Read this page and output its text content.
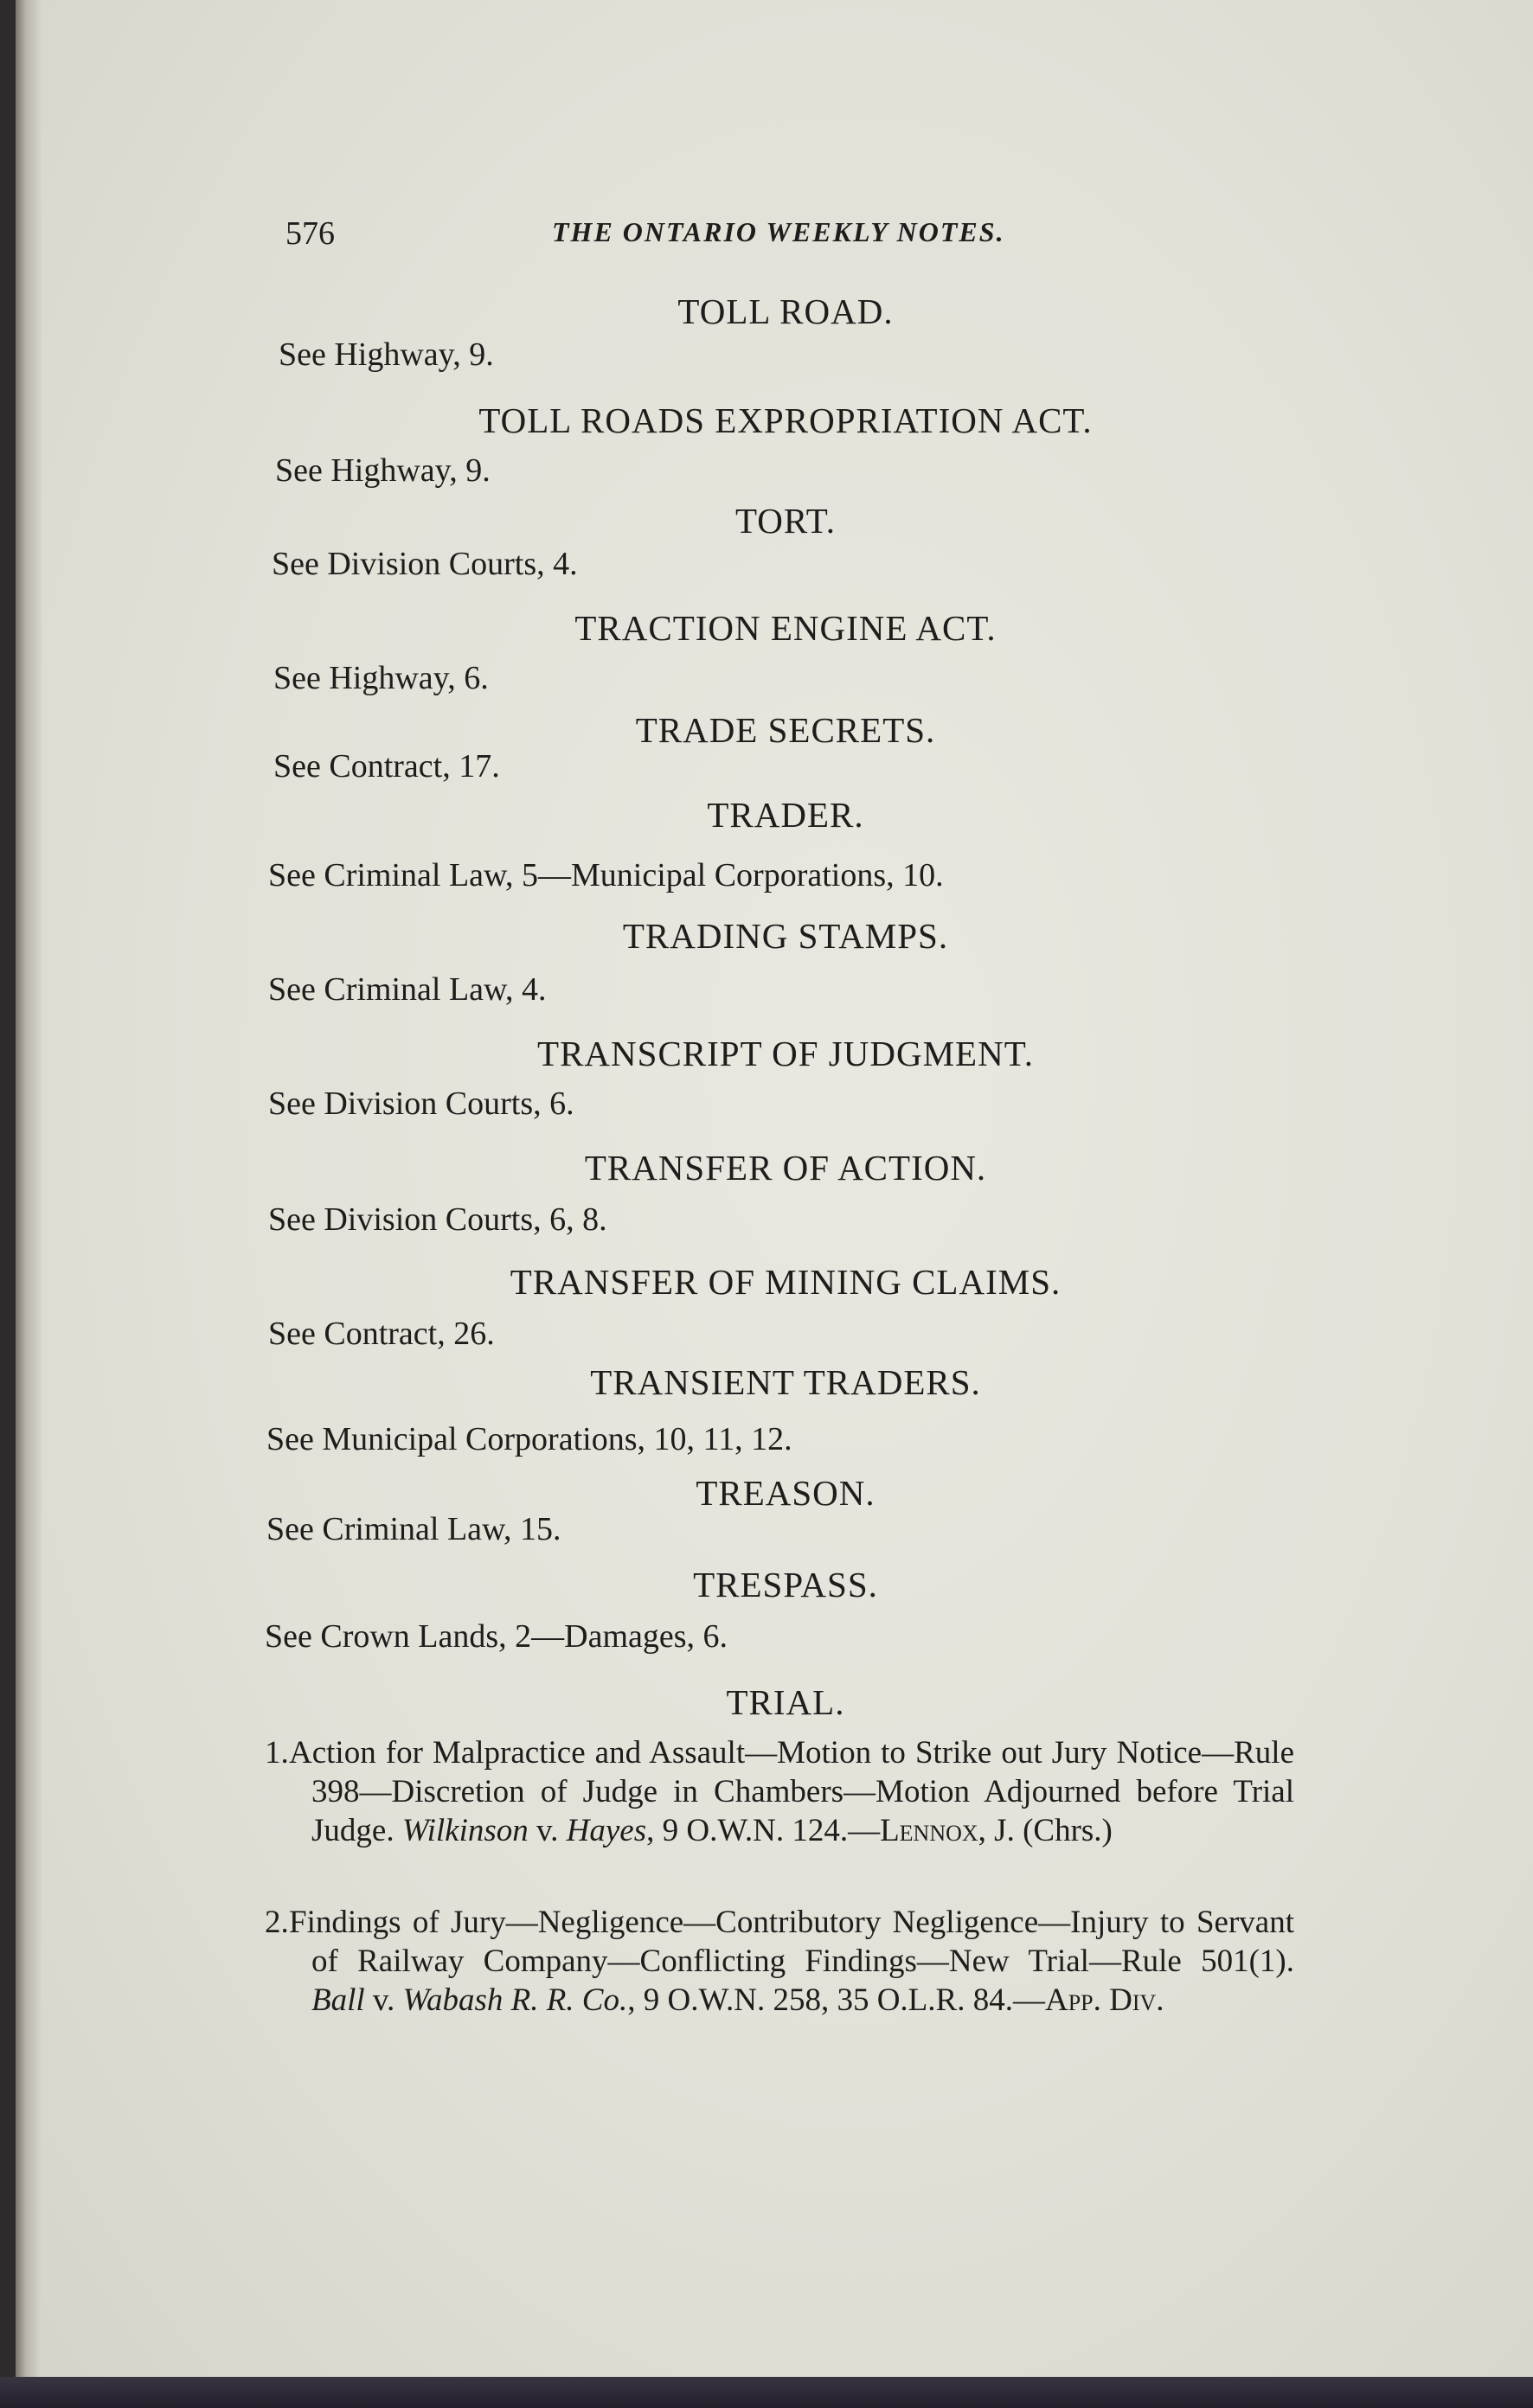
576	THE ONTARIO WEEKLY NOTES.

TOLL ROAD.

See Highway, 9.

TOLL ROADS EXPROPRIATION ACT.

See Highway, 9.

TORT.

See Division Courts, 4.

TRACTION ENGINE ACT.

See Highway, 6.

TRADE SECRETS.

See Contract, 17.

TRADER.

See Criminal Law, 5—Municipal Corporations, 10.

TRADING STAMPS.

See Criminal Law, 4.

TRANSCRIPT OF JUDGMENT.

See Division Courts, 6.

TRANSFER OF ACTION.

See Division Courts, 6, 8.

TRANSFER OF MINING CLAIMS.

See Contract, 26.

TRANSIENT TRADERS.

See Municipal Corporations, 10, 11, 12.

TREASON.

See Criminal Law, 15.

TRESPASS.

See Crown Lands, 2—Damages, 6.

TRIAL.

1. Action for Malpractice and Assault—Motion to Strike out Jury Notice—Rule 398—Discretion of Judge in Chambers—Motion Adjourned before Trial Judge. Wilkinson v. Hayes, 9 O.W.N. 124.—Lennox, J. (Chrs.)
2. Findings of Jury—Negligence—Contributory Negligence—Injury to Servant of Railway Company—Conflicting Findings—New Trial—Rule 501(1). Ball v. Wabash R. R. Co., 9 O.W.N. 258, 35 O.L.R. 84.—App. Div.
